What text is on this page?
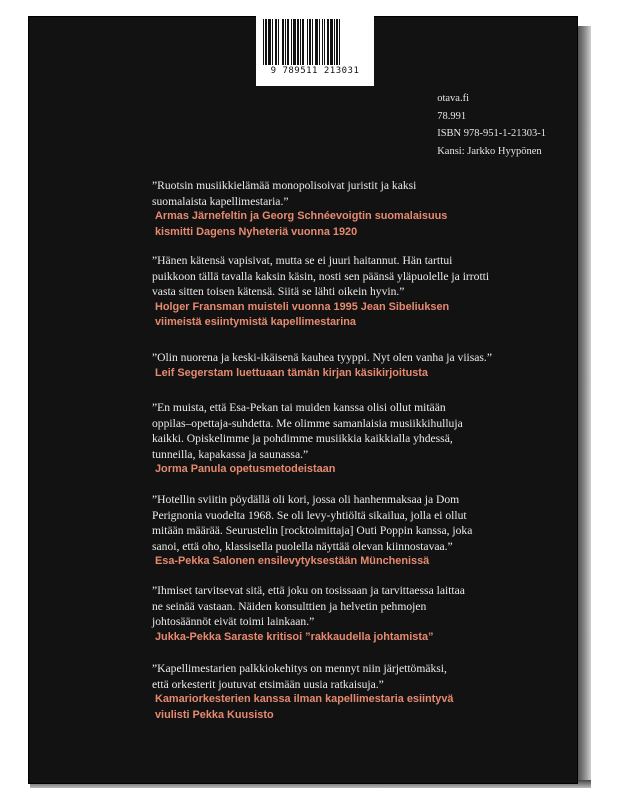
9 789511 213031
otava.fi
78.991
ISBN 978-951-1-21303-1
Kansi: Jarkko Hyypönen

”Ruotsin musiikkielämää monopolisoivat juristit ja kaksi
suomalaista kapellimestaria.”

Armas Järnefeltin ja Georg Schnéevoigtin suomalaisuus
kismitti Dagens Nyheteriä vuonna 1920

”Hänen kätensä vapisivat, mutta se ei juuri haitannut. Hän tarttui
puikkoon tällä tavalla kaksin käsin, nosti sen päänsä yläpuolelle ja irrotti
vasta sitten toisen kätensä. Siitä se lähti oikein hyvin.”

Holger Fransman muisteli vuonna 1995 Jean Sibeliuksen
viimeistä esiintymistä kapellimestarina

”Olin nuorena ja keski-ikäisenä kauhea tyyppi. Nyt olen vanha ja viisas.”

Leif Segerstam luettuaan tämän kirjan käsikirjoitusta

”En muista, että Esa-Pekan tai muiden kanssa olisi ollut mitään
oppilas–opettaja-suhdetta. Me olimme samanlaisia musiikkihulluja
kaikki. Opiskelimme ja pohdimme musiikkia kaikkialla yhdessä,
tunneilla, kapakassa ja saunassa.”

Jorma Panula opetusmetodeistaan

”Hotellin sviitin pöydällä oli kori, jossa oli hanhenmaksaa ja Dom
Perignonia vuodelta 1968. Se oli levy-yhtiöltä sikailua, jolla ei ollut
mitään määrää. Seurustelin [rocktoimittaja] Outi Poppin kanssa, joka
sanoi, että oho, klassisella puolella näyttää olevan kiinnostavaa.”

Esa-Pekka Salonen ensilevytyksestään Münchenissä

”Ihmiset tarvitsevat sitä, että joku on tosissaan ja tarvittaessa laittaa
ne seinää vastaan. Näiden konsulttien ja helvetin pehmojen
johtosäännöt eivät toimi lainkaan.”

Jukka-Pekka Saraste kritisoi ”rakkaudella johtamista”

”Kapellimestarien palkkiokehitys on mennyt niin järjettömäksi,
että orkesterit joutuvat etsimään uusia ratkaisuja.”

Kamariorkesterien kanssa ilman kapellimestaria esiintyvä
viulisti Pekka Kuusisto
